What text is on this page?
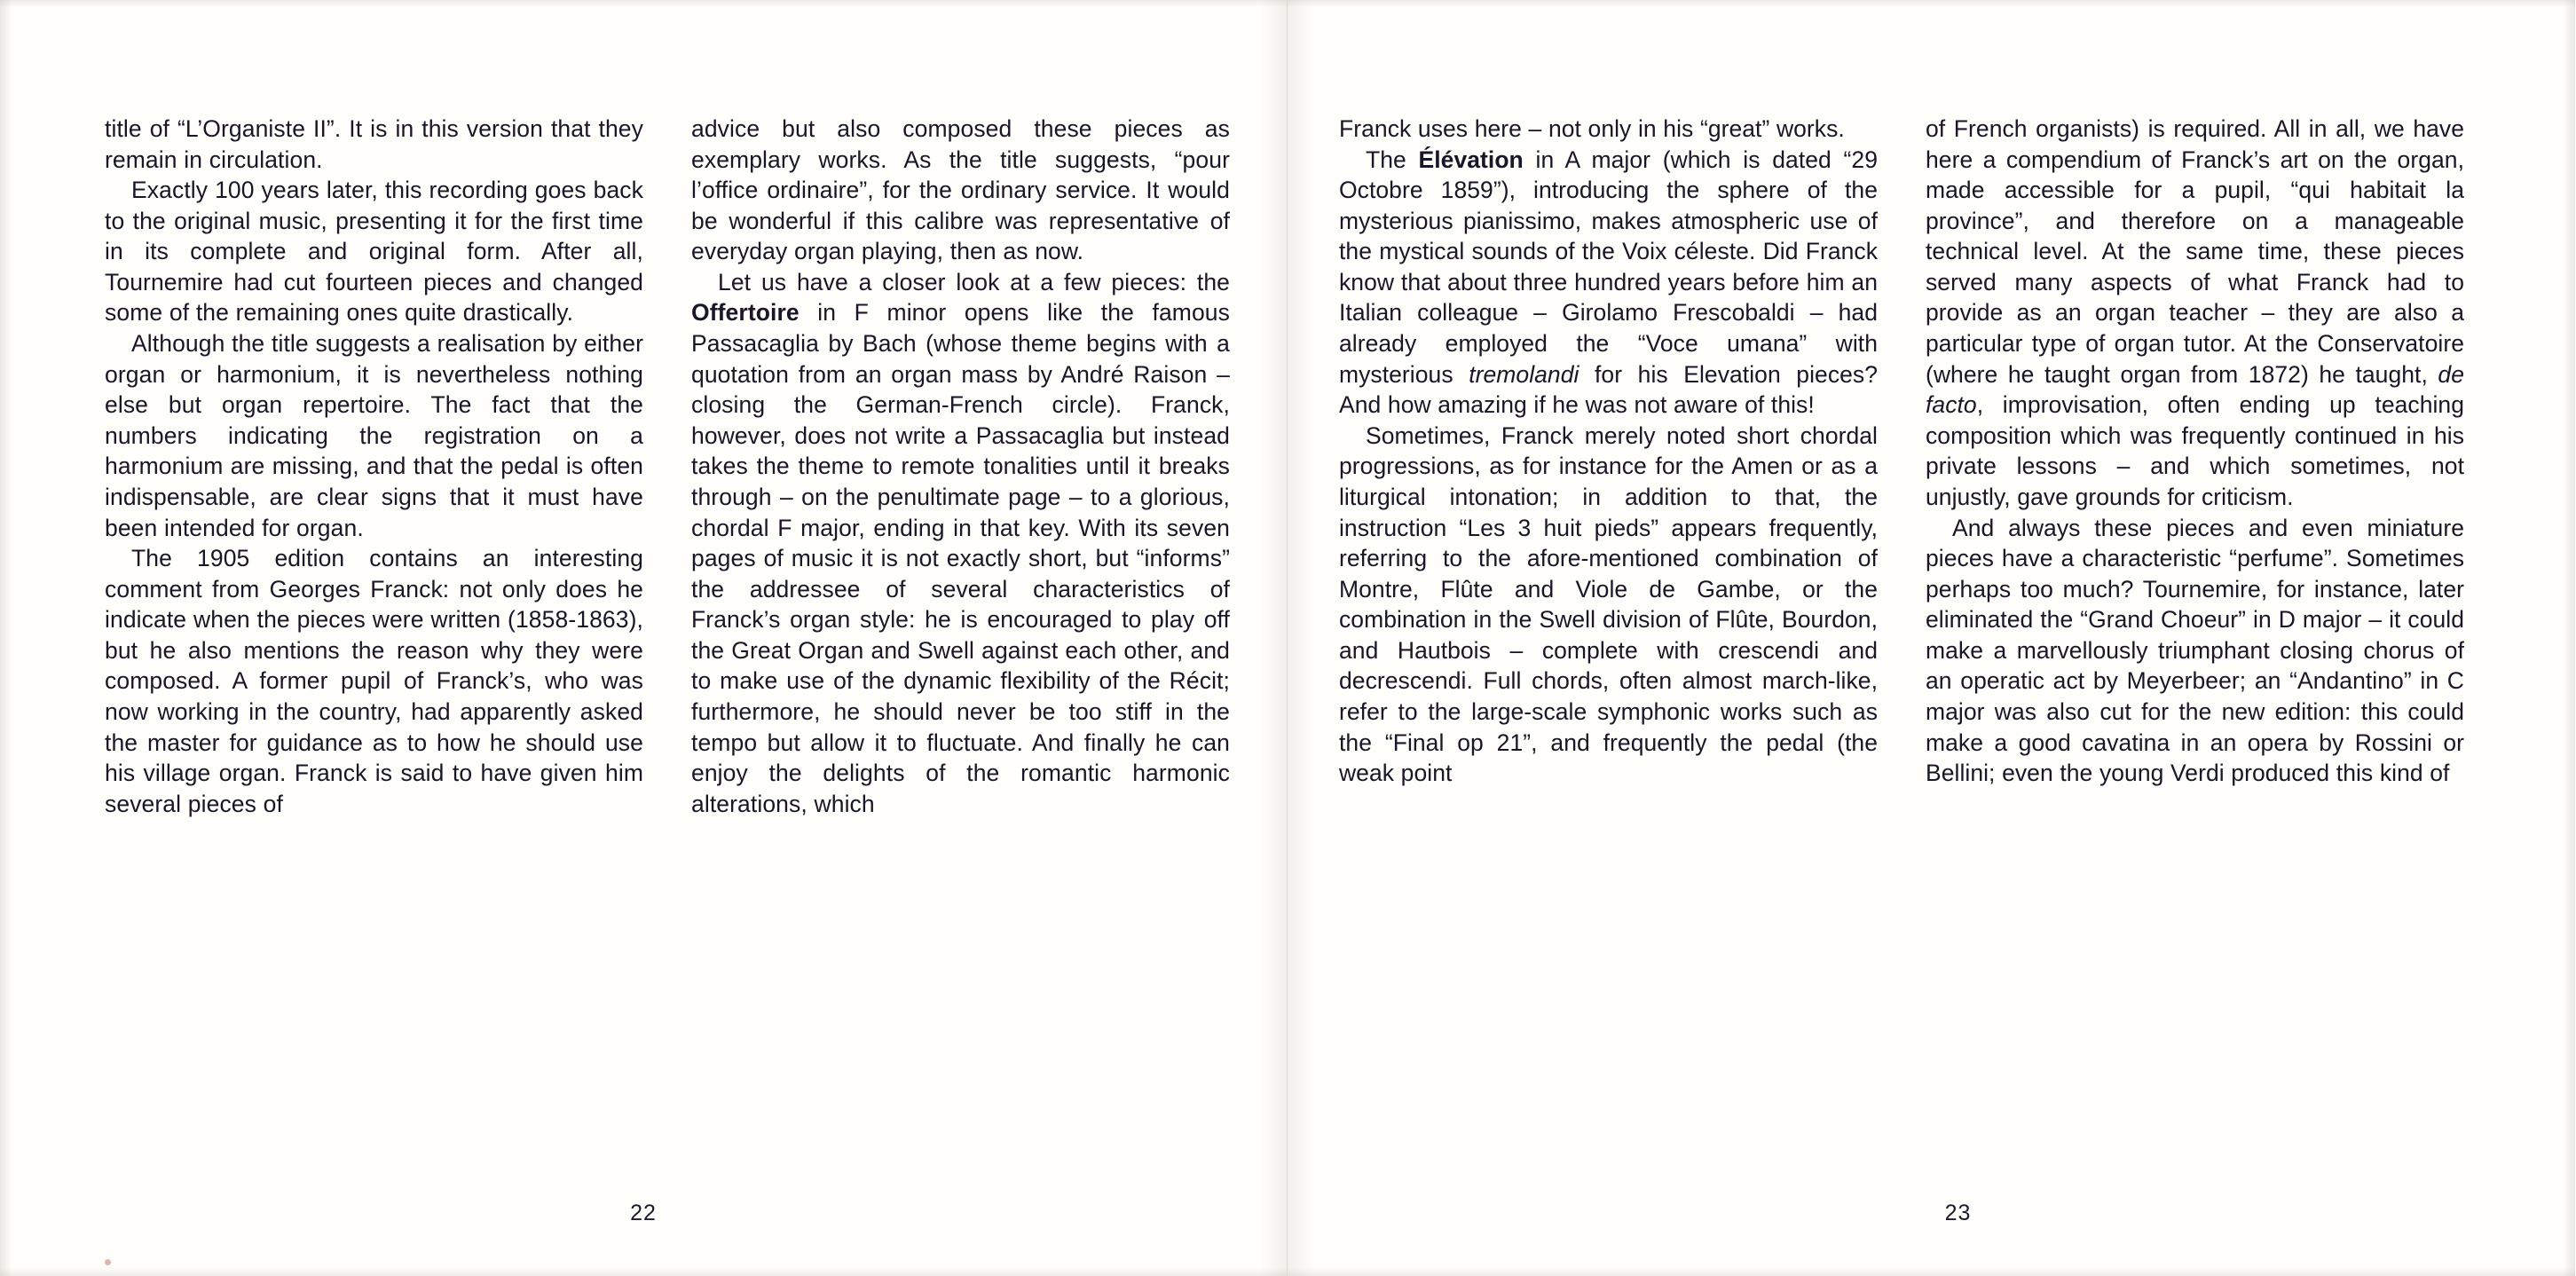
title of “L’Organiste II”. It is in this version that they remain in circulation.

Exactly 100 years later, this recording goes back to the original music, presenting it for the first time in its complete and original form. After all, Tournemire had cut fourteen pieces and changed some of the remaining ones quite drastically.

Although the title suggests a realisation by either organ or harmonium, it is nevertheless nothing else but organ repertoire. The fact that the numbers indicating the registration on a harmonium are missing, and that the pedal is often indispensable, are clear signs that it must have been intended for organ.

The 1905 edition contains an interesting comment from Georges Franck: not only does he indicate when the pieces were written (1858-1863), but he also mentions the reason why they were composed. A former pupil of Franck’s, who was now working in the country, had apparently asked the master for guidance as to how he should use his village organ. Franck is said to have given him several pieces of

advice but also composed these pieces as exemplary works. As the title suggests, “pour l’office ordinaire”, for the ordinary service. It would be wonderful if this calibre was representative of everyday organ playing, then as now.

Let us have a closer look at a few pieces: the Offertoire in F minor opens like the famous Passacaglia by Bach (whose theme begins with a quotation from an organ mass by André Raison – closing the German-French circle). Franck, however, does not write a Passacaglia but instead takes the theme to remote tonalities until it breaks through – on the penultimate page – to a glorious, chordal F major, ending in that key. With its seven pages of music it is not exactly short, but “informs” the addressee of several characteristics of Franck’s organ style: he is encouraged to play off the Great Organ and Swell against each other, and to make use of the dynamic flexibility of the Récit; furthermore, he should never be too stiff in the tempo but allow it to fluctuate. And finally he can enjoy the delights of the romantic harmonic alterations, which

22

Franck uses here – not only in his “great” works.

The Élévation in A major (which is dated “29 Octobre 1859”), introducing the sphere of the mysterious pianissimo, makes atmospheric use of the mystical sounds of the Voix céleste. Did Franck know that about three hundred years before him an Italian colleague – Girolamo Frescobaldi – had already employed the “Voce umana” with mysterious tremolandi for his Elevation pieces? And how amazing if he was not aware of this!

Sometimes, Franck merely noted short chordal progressions, as for instance for the Amen or as a liturgical intonation; in addition to that, the instruction “Les 3 huit pieds” appears frequently, referring to the afore-mentioned combination of Montre, Flûte and Viole de Gambe, or the combination in the Swell division of Flûte, Bourdon, and Hautbois – complete with crescendi and decrescendi. Full chords, often almost march-like, refer to the large-scale symphonic works such as the “Final op 21”, and frequently the pedal (the weak point

of French organists) is required. All in all, we have here a compendium of Franck’s art on the organ, made accessible for a pupil, “qui habitait la province”, and therefore on a manageable technical level. At the same time, these pieces served many aspects of what Franck had to provide as an organ teacher – they are also a particular type of organ tutor. At the Conservatoire (where he taught organ from 1872) he taught, de facto, improvisation, often ending up teaching composition which was frequently continued in his private lessons – and which sometimes, not unjustly, gave grounds for criticism.

And always these pieces and even miniature pieces have a characteristic “perfume”. Sometimes perhaps too much? Tournemire, for instance, later eliminated the “Grand Choeur” in D major – it could make a marvellously triumphant closing chorus of an operatic act by Meyerbeer; an “Andantino” in C major was also cut for the new edition: this could make a good cavatina in an opera by Rossini or Bellini; even the young Verdi produced this kind of

23
